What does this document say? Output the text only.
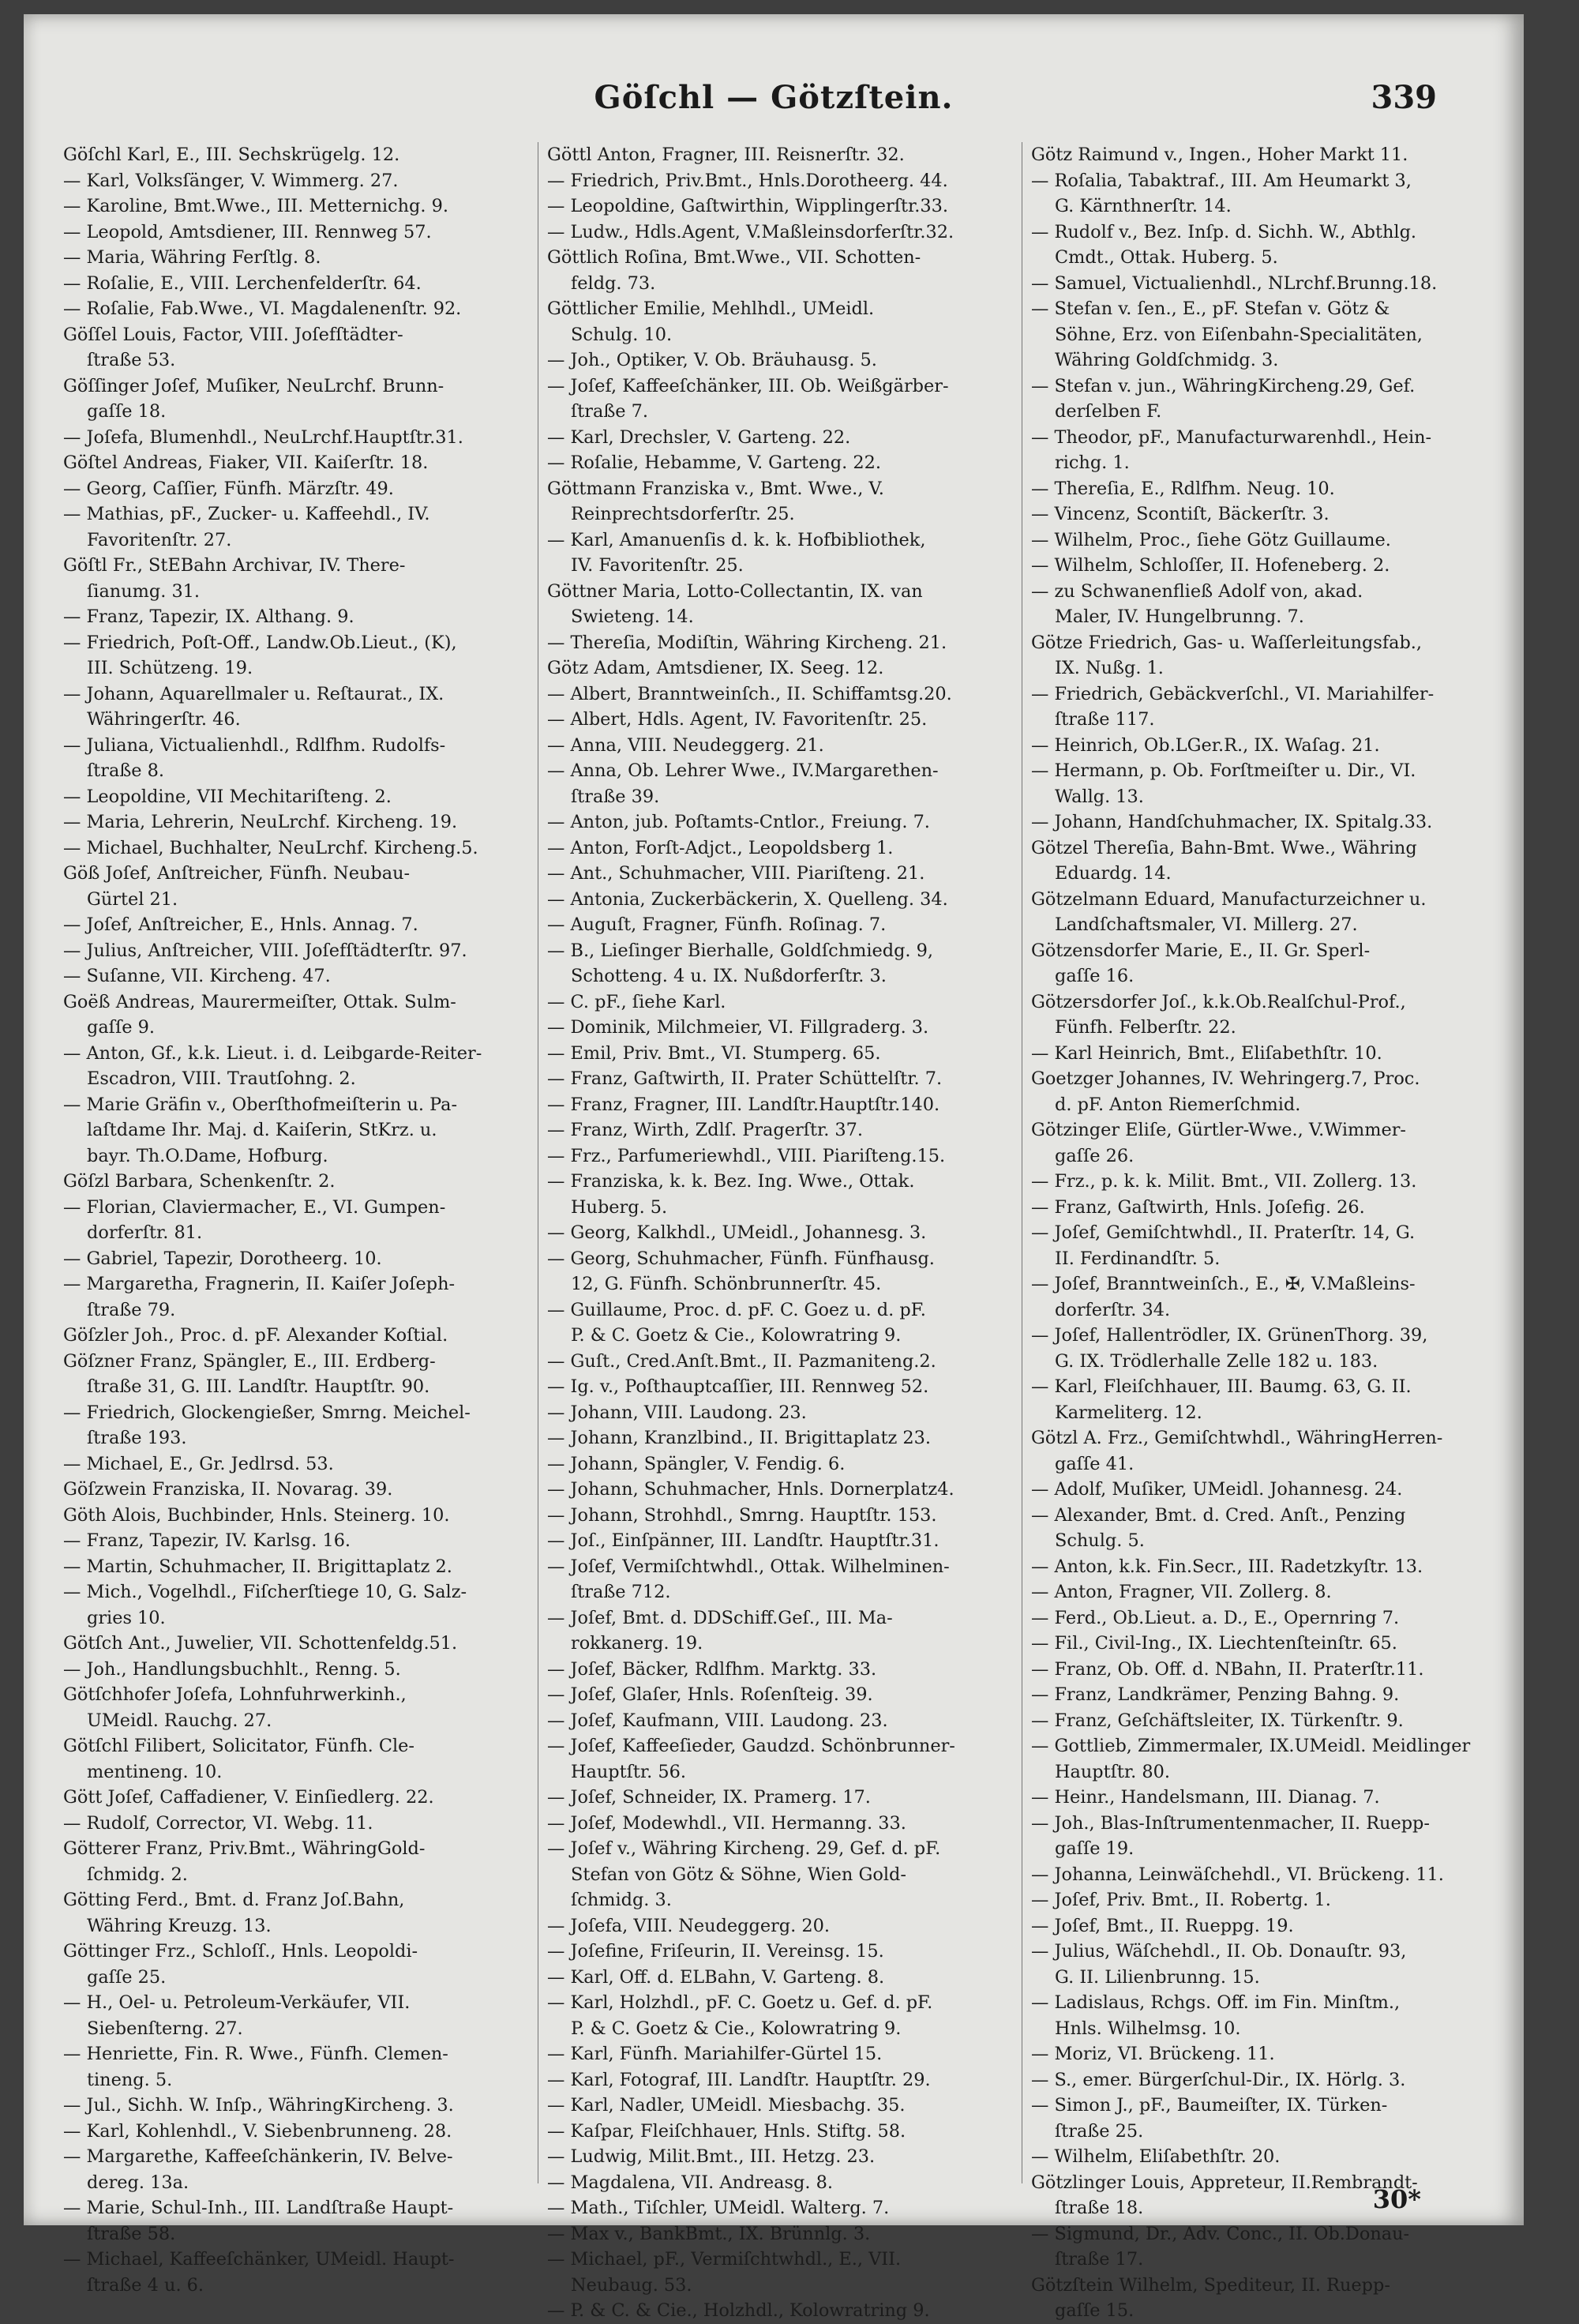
Göſchl — Götzſtein.	339
Göſchl Karl, E., III. Sechskrügelg. 12.
— Karl, Volksſänger, V. Wimmerg. 27.
— Karoline, Bmt.Wwe., III. Metternichg. 9.
— Leopold, Amtsdiener, III. Rennweg 57.
— Maria, Währing Ferſtlg. 8.
— Roſalie, E., VIII. Lerchenfelderſtr. 64.
— Roſalie, Fab.Wwe., VI. Magdalenenſtr. 92.
Göſſel Louis, Factor, VIII. Joſefſtädter-
ſtraße 53.
Göſſinger Joſef, Muſiker, NeuLrchf. Brunn-
gaſſe 18.
— Joſefa, Blumenhdl., NeuLrchf.Hauptſtr.31.
Göſtel Andreas, Fiaker, VII. Kaiſerſtr. 18.
— Georg, Caſſier, Fünfh. Märzſtr. 49.
— Mathias, pF., Zucker- u. Kaffeehdl., IV.
Favoritenſtr. 27.
Göſtl Fr., StEBahn Archivar, IV. There-
ſianumg. 31.
— Franz, Tapezir, IX. Althang. 9.
— Friedrich, Poſt-Off., Landw.Ob.Lieut., (K),
III. Schützeng. 19.
— Johann, Aquarellmaler u. Reſtaurat., IX.
Währingerſtr. 46.
— Juliana, Victualienhdl., Rdlfhm. Rudolfs-
ſtraße 8.
— Leopoldine, VII Mechitariſteng. 2.
— Maria, Lehrerin, NeuLrchf. Kircheng. 19.
— Michael, Buchhalter, NeuLrchf. Kircheng.5.
Göß Joſef, Anſtreicher, Fünfh. Neubau-
Gürtel 21.
— Joſef, Anſtreicher, E., Hnls. Annag. 7.
— Julius, Anſtreicher, VIII. Joſefſtädterſtr. 97.
— Suſanne, VII. Kircheng. 47.
Goëß Andreas, Maurermeiſter, Ottak. Sulm-
gaſſe 9.
— Anton, Gf., k.k. Lieut. i. d. Leibgarde-Reiter-
Escadron, VIII. Trautſohng. 2.
— Marie Gräfin v., Oberſthofmeiſterin u. Pa-
laſtdame Ihr. Maj. d. Kaiſerin, StKrz. u.
bayr. Th.O.Dame, Hofburg.
Göſzl Barbara, Schenkenſtr. 2.
— Florian, Claviermacher, E., VI. Gumpen-
dorferſtr. 81.
— Gabriel, Tapezir, Dorotheerg. 10.
— Margaretha, Fragnerin, II. Kaiſer Joſeph-
ſtraße 79.
Göſzler Joh., Proc. d. pF. Alexander Koſtial.
Göſzner Franz, Spängler, E., III. Erdberg-
ſtraße 31, G. III. Landſtr. Hauptſtr. 90.
— Friedrich, Glockengießer, Smrng. Meichel-
ſtraße 193.
— Michael, E., Gr. Jedlrsd. 53.
Göſzwein Franziska, II. Novarag. 39.
Göth Alois, Buchbinder, Hnls. Steinerg. 10.
— Franz, Tapezir, IV. Karlsg. 16.
— Martin, Schuhmacher, II. Brigittaplatz 2.
— Mich., Vogelhdl., Fiſcherſtiege 10, G. Salz-
gries 10.
Götſch Ant., Juwelier, VII. Schottenfeldg.51.
— Joh., Handlungsbuchhlt., Renng. 5.
Götſchhofer Joſefa, Lohnfuhrwerkinh.,
UMeidl. Rauchg. 27.
Götſchl Filibert, Solicitator, Fünfh. Cle-
mentineng. 10.
Gött Joſef, Caffadiener, V. Einſiedlerg. 22.
— Rudolf, Corrector, VI. Webg. 11.
Götterer Franz, Priv.Bmt., WähringGold-
ſchmidg. 2.
Götting Ferd., Bmt. d. Franz Joſ.Bahn,
Währing Kreuzg. 13.
Göttinger Frz., Schloſſ., Hnls. Leopoldi-
gaſſe 25.
— H., Oel- u. Petroleum-Verkäufer, VII.
Siebenſterng. 27.
— Henriette, Fin. R. Wwe., Fünfh. Clemen-
tineng. 5.
— Jul., Sichh. W. Inſp., WähringKircheng. 3.
— Karl, Kohlenhdl., V. Siebenbrunneng. 28.
— Margarethe, Kaffeeſchänkerin, IV. Belve-
dereg. 13a.
— Marie, Schul-Inh., III. Landſtraße Haupt-
ſtraße 58.
— Michael, Kaffeeſchänker, UMeidl. Haupt-
ſtraße 4 u. 6.
Göttl Anton, Fragner, III. Reisnerſtr. 32.
— Friedrich, Priv.Bmt., Hnls.Dorotheerg. 44.
— Leopoldine, Gaſtwirthin, Wipplingerſtr.33.
— Ludw., Hdls.Agent, V.Maßleinsdorferſtr.32.
Göttlich Roſina, Bmt.Wwe., VII. Schotten-
feldg. 73.
Göttlicher Emilie, Mehlhdl., UMeidl.
Schulg. 10.
— Joh., Optiker, V. Ob. Bräuhausg. 5.
— Joſef, Kaffeeſchänker, III. Ob. Weißgärber-
ſtraße 7.
— Karl, Drechsler, V. Garteng. 22.
— Roſalie, Hebamme, V. Garteng. 22.
Göttmann Franziska v., Bmt. Wwe., V.
Reinprechtsdorferſtr. 25.
— Karl, Amanuenſis d. k. k. Hofbibliothek,
IV. Favoritenſtr. 25.
Göttner Maria, Lotto-Collectantin, IX. van
Swieteng. 14.
— Thereſia, Modiſtin, Währing Kircheng. 21.
Götz Adam, Amtsdiener, IX. Seeg. 12.
— Albert, Branntweinſch., II. Schiffamtsg.20.
— Albert, Hdls. Agent, IV. Favoritenſtr. 25.
— Anna, VIII. Neudeggerg. 21.
— Anna, Ob. Lehrer Wwe., IV.Margarethen-
ſtraße 39.
— Anton, jub. Poſtamts-Cntlor., Freiung. 7.
— Anton, Forſt-Adjct., Leopoldsberg 1.
— Ant., Schuhmacher, VIII. Piariſteng. 21.
— Antonia, Zuckerbäckerin, X. Quelleng. 34.
— Auguſt, Fragner, Fünfh. Roſinag. 7.
— B., Lieſinger Bierhalle, Goldſchmiedg. 9,
Schotteng. 4 u. IX. Nußdorferſtr. 3.
— C. pF., ſiehe Karl.
— Dominik, Milchmeier, VI. Fillgraderg. 3.
— Emil, Priv. Bmt., VI. Stumperg. 65.
— Franz, Gaſtwirth, II. Prater Schüttelſtr. 7.
— Franz, Fragner, III. Landſtr.Hauptſtr.140.
— Franz, Wirth, Zdlſ. Pragerſtr. 37.
— Frz., Parfumeriewhdl., VIII. Piariſteng.15.
— Franziska, k. k. Bez. Ing. Wwe., Ottak.
Huberg. 5.
— Georg, Kalkhdl., UMeidl., Johannesg. 3.
— Georg, Schuhmacher, Fünfh. Fünfhausg.
12, G. Fünfh. Schönbrunnerſtr. 45.
— Guillaume, Proc. d. pF. C. Goez u. d. pF.
P. & C. Goetz & Cie., Kolowratring 9.
— Guſt., Cred.Anſt.Bmt., II. Pazmaniteng.2.
— Ig. v., Poſthauptcaſſier, III. Rennweg 52.
— Johann, VIII. Laudong. 23.
— Johann, Kranzlbind., II. Brigittaplatz 23.
— Johann, Spängler, V. Fendig. 6.
— Johann, Schuhmacher, Hnls. Dornerplatz4.
— Johann, Strohhdl., Smrng. Hauptſtr. 153.
— Joſ., Einſpänner, III. Landſtr. Hauptſtr.31.
— Joſef, Vermiſchtwhdl., Ottak. Wilhelminen-
ſtraße 712.
— Joſef, Bmt. d. DDSchiff.Geſ., III. Ma-
rokkanerg. 19.
— Joſef, Bäcker, Rdlfhm. Marktg. 33.
— Joſef, Glaſer, Hnls. Roſenſteig. 39.
— Joſef, Kaufmann, VIII. Laudong. 23.
— Joſef, Kaffeeſieder, Gaudzd. Schönbrunner-
Hauptſtr. 56.
— Joſef, Schneider, IX. Pramerg. 17.
— Joſef, Modewhdl., VII. Hermanng. 33.
— Joſef v., Währing Kircheng. 29, Gef. d. pF.
Stefan von Götz & Söhne, Wien Gold-
ſchmidg. 3.
— Joſefa, VIII. Neudeggerg. 20.
— Joſefine, Friſeurin, II. Vereinsg. 15.
— Karl, Off. d. ELBahn, V. Garteng. 8.
— Karl, Holzhdl., pF. C. Goetz u. Gef. d. pF.
P. & C. Goetz & Cie., Kolowratring 9.
— Karl, Fünfh. Mariahilfer-Gürtel 15.
— Karl, Fotograf, III. Landſtr. Hauptſtr. 29.
— Karl, Nadler, UMeidl. Miesbachg. 35.
— Kaſpar, Fleiſchhauer, Hnls. Stiftg. 58.
— Ludwig, Milit.Bmt., III. Hetzg. 23.
— Magdalena, VII. Andreasg. 8.
— Math., Tiſchler, UMeidl. Walterg. 7.
— Max v., BankBmt., IX. Brünnlg. 3.
— Michael, pF., Vermiſchtwhdl., E., VII.
Neubaug. 53.
— P. & C. & Cie., Holzhdl., Kolowratring 9.
Götz Raimund v., Ingen., Hoher Markt 11.
— Roſalia, Tabaktraf., III. Am Heumarkt 3,
G. Kärnthnerſtr. 14.
— Rudolf v., Bez. Inſp. d. Sichh. W., Abthlg.
Cmdt., Ottak. Huberg. 5.
— Samuel, Victualienhdl., NLrchf.Brunng.18.
— Stefan v. ſen., E., pF. Stefan v. Götz &
Söhne, Erz. von Eiſenbahn-Specialitäten,
Währing Goldſchmidg. 3.
— Stefan v. jun., WähringKircheng.29, Gef.
derſelben F.
— Theodor, pF., Manufacturwarenhdl., Hein-
richg. 1.
— Thereſia, E., Rdlfhm. Neug. 10.
— Vincenz, Scontiſt, Bäckerſtr. 3.
— Wilhelm, Proc., ſiehe Götz Guillaume.
— Wilhelm, Schloſſer, II. Hofeneberg. 2.
— zu Schwanenfließ Adolf von, akad.
Maler, IV. Hungelbrunng. 7.
Götze Friedrich, Gas- u. Waſſerleitungsfab.,
IX. Nußg. 1.
— Friedrich, Gebäckverſchl., VI. Mariahilfer-
ſtraße 117.
— Heinrich, Ob.LGer.R., IX. Waſag. 21.
— Hermann, p. Ob. Forſtmeiſter u. Dir., VI.
Wallg. 13.
— Johann, Handſchuhmacher, IX. Spitalg.33.
Götzel Thereſia, Bahn-Bmt. Wwe., Währing
Eduardg. 14.
Götzelmann Eduard, Manufacturzeichner u.
Landſchaftsmaler, VI. Millerg. 27.
Götzensdorfer Marie, E., II. Gr. Sperl-
gaſſe 16.
Götzersdorfer Joſ., k.k.Ob.Realſchul-Prof.,
Fünfh. Felberſtr. 22.
— Karl Heinrich, Bmt., Eliſabethſtr. 10.
Goetzger Johannes, IV. Wehringerg.7, Proc.
d. pF. Anton Riemerſchmid.
Götzinger Eliſe, Gürtler-Wwe., V.Wimmer-
gaſſe 26.
— Frz., p. k. k. Milit. Bmt., VII. Zollerg. 13.
— Franz, Gaſtwirth, Hnls. Joſefig. 26.
— Joſef, Gemiſchtwhdl., II. Praterſtr. 14, G.
II. Ferdinandſtr. 5.
— Joſef, Branntweinſch., E., ✠, V.Maßleins-
dorferſtr. 34.
— Joſef, Hallentrödler, IX. GrünenThorg. 39,
G. IX. Trödlerhalle Zelle 182 u. 183.
— Karl, Fleiſchhauer, III. Baumg. 63, G. II.
Karmeliterg. 12.
Götzl A. Frz., Gemiſchtwhdl., WähringHerren-
gaſſe 41.
— Adolf, Muſiker, UMeidl. Johannesg. 24.
— Alexander, Bmt. d. Cred. Anſt., Penzing
Schulg. 5.
— Anton, k.k. Fin.Secr., III. Radetzkyſtr. 13.
— Anton, Fragner, VII. Zollerg. 8.
— Ferd., Ob.Lieut. a. D., E., Opernring 7.
— Fil., Civil-Ing., IX. Liechtenſteinſtr. 65.
— Franz, Ob. Off. d. NBahn, II. Praterſtr.11.
— Franz, Landkrämer, Penzing Bahng. 9.
— Franz, Geſchäftsleiter, IX. Türkenſtr. 9.
— Gottlieb, Zimmermaler, IX.UMeidl. Meidlinger
Hauptſtr. 80.
— Heinr., Handelsmann, III. Dianag. 7.
— Joh., Blas-Inſtrumentenmacher, II. Ruepp-
gaſſe 19.
— Johanna, Leinwäſchehdl., VI. Brückeng. 11.
— Joſef, Priv. Bmt., II. Robertg. 1.
— Joſef, Bmt., II. Rueppg. 19.
— Julius, Wäſchehdl., II. Ob. Donauſtr. 93,
G. II. Lilienbrunng. 15.
— Ladislaus, Rchgs. Off. im Fin. Minſtm.,
Hnls. Wilhelmsg. 10.
— Moriz, VI. Brückeng. 11.
— S., emer. Bürgerſchul-Dir., IX. Hörlg. 3.
— Simon J., pF., Baumeiſter, IX. Türken-
ſtraße 25.
— Wilhelm, Eliſabethſtr. 20.
Götzlinger Louis, Appreteur, II.Rembrandt-
ſtraße 18.
— Sigmund, Dr., Adv. Conc., II. Ob.Donau-
ſtraße 17.
Götzſtein Wilhelm, Spediteur, II. Ruepp-
gaſſe 15.
30*
